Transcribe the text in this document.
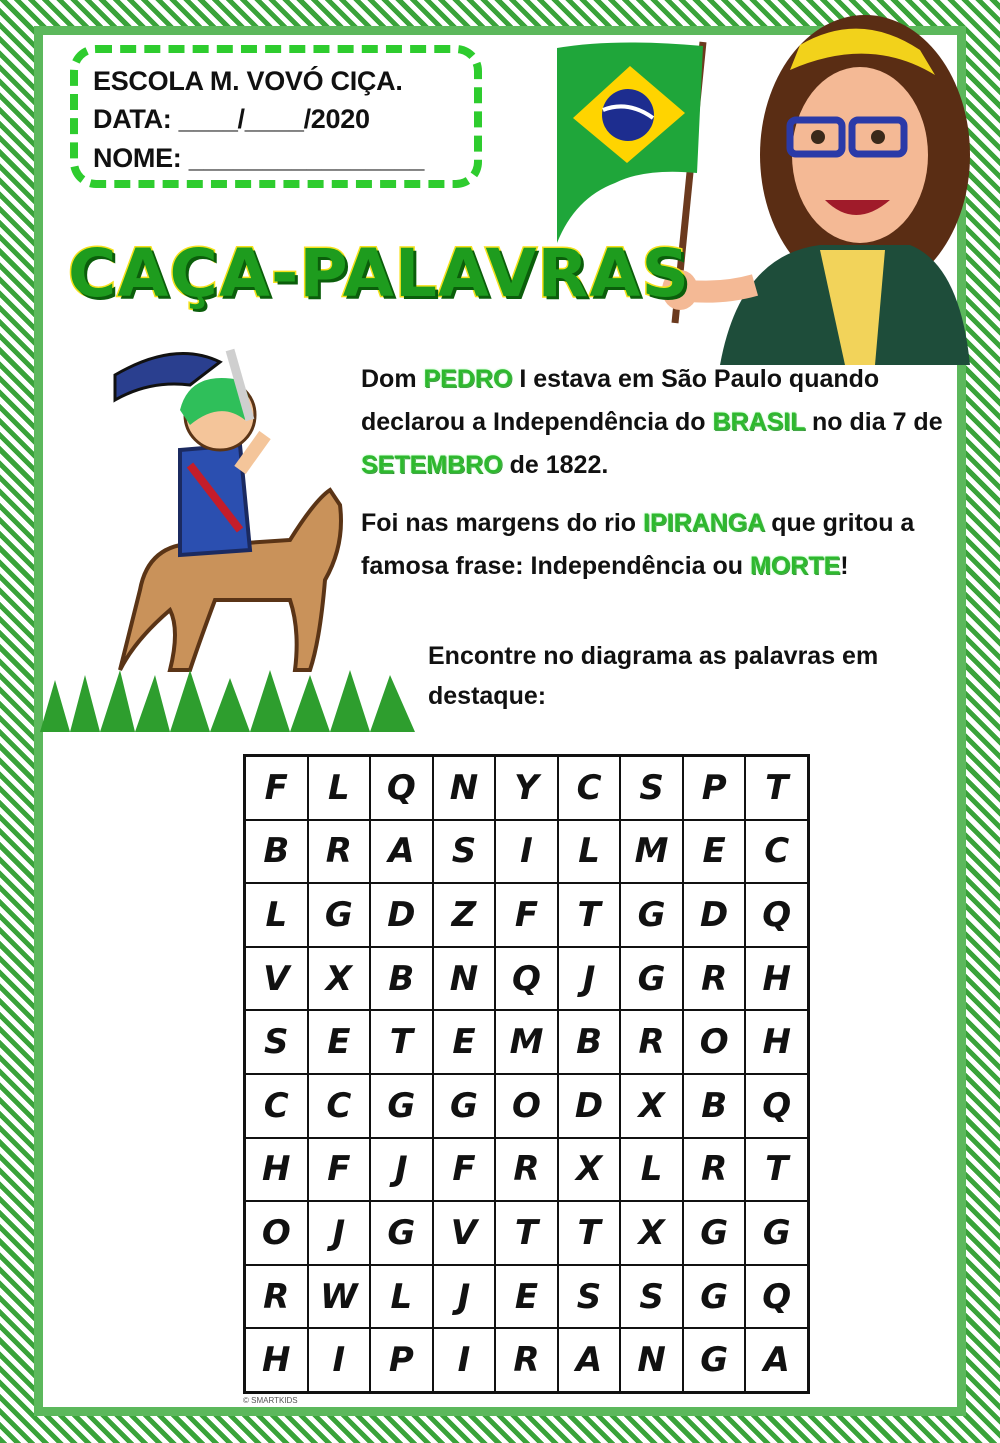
ESCOLA M. VOVÓ CIÇA.
DATA: ____/____/2020
NOME: ________________
CAÇA-PALAVRAS
Dom PEDRO I estava em São Paulo quando declarou a Independência do BRASIL no dia 7 de SETEMBRO de 1822.
Foi nas margens do rio IPIRANGA que gritou a famosa frase: Independência ou MORTE!
Encontre no diagrama as palavras em destaque:
F	L	Q N	Y	C	S	P	T
B	R	A	S	I	L	M	E	C
L	G	D	Z	F	T	G	D	Q
V	X	B	N Q	J	G	R	H
S	E	T	E	M B	R	O H
C	C	G	G	O D	X	B	Q
H	F	J	F	R	X	L	R	T
O	J	G	V	T	T	X	G	G
R W L	J	E	S	S	G	Q
H	I	P	I	R	A	N	G	A
© SMARTKIDS
